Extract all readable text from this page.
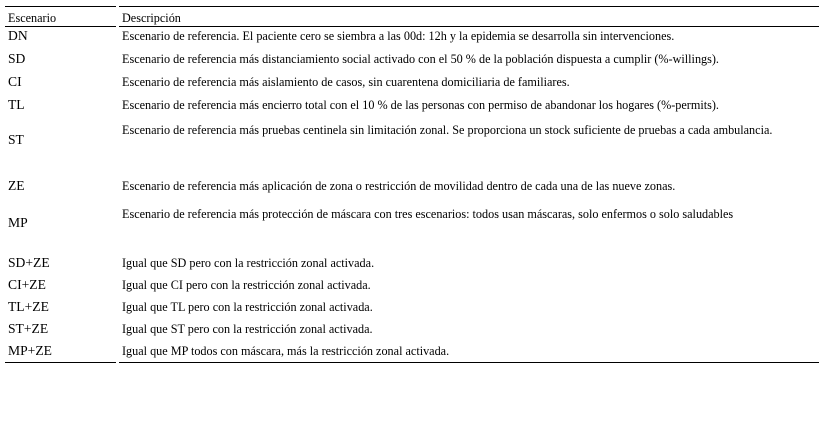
Escenario		Descripción
DN		Escenario de referencia. El paciente cero se siembra a las 00d: 12h y la epidemia se desarrolla sin intervenciones.
SD		Escenario de referencia más distanciamiento social activado con el 50 % de la población dispuesta a cumplir (%-willings).
CI		Escenario de referencia más aislamiento de casos, sin cuarentena domiciliaria de familiares.
TL		Escenario de referencia más encierro total con el 10 % de las personas con permiso de abandonar los hogares (%-permits).
ST		Escenario de referencia más pruebas centinela sin limitación zonal. Se proporciona un stock suficiente de pruebas a cada ambulancia.
ZE		Escenario de referencia más aplicación de zona o restricción de movilidad dentro de cada una de las nueve zonas.
MP		Escenario de referencia más protección de máscara con tres escenarios: todos usan máscaras, solo enfermos o solo saludables
SD+ZE		Igual que SD pero con la restricción zonal activada.
CI+ZE		Igual que CI pero con la restricción zonal activada.
TL+ZE		Igual que TL pero con la restricción zonal activada.
ST+ZE		Igual que ST pero con la restricción zonal activada.
MP+ZE		Igual que MP todos con máscara, más la restricción zonal activada.
